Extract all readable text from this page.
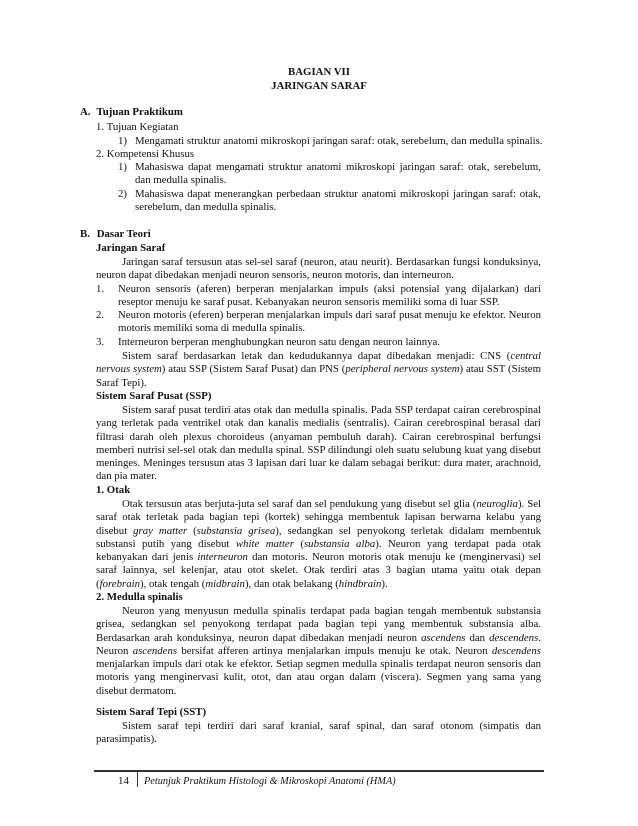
BAGIAN VII
JARINGAN SARAF
A. Tujuan Praktikum
1. Tujuan Kegiatan
1) Mengamati struktur anatomi mikroskopi jaringan saraf: otak, serebelum, dan medulla spinalis.
2. Kompetensi Khusus
1) Mahasiswa dapat mengamati struktur anatomi mikroskopi jaringan saraf: otak, serebelum,
dan medulla spinalis.
2) Mahasiswa dapat menerangkan perbedaan struktur anatomi mikroskopi jaringan saraf: otak,
serebelum, dan medulla spinalis.
B. Dasar Teori
Jaringan Saraf

Jaringan saraf tersusun atas sel-sel saraf (neuron, atau neurit). Berdasarkan fungsi konduksinya, neuron dapat dibedakan menjadi neuron sensoris, neuron motoris, dan interneuron.

1. Neuron sensoris (aferen) berperan menjalarkan impuls (aksi potensial yang dijalarkan) dari reseptor menuju ke saraf pusat. Kebanyakan neuron sensoris memiliki soma di luar SSP.
2. Neuron motoris (eferen) berperan menjalarkan impuls dari saraf pusat menuju ke efektor. Neuron motoris memiliki soma di medulla spinalis.
3. Interneuron berperan menghubungkan neuron satu dengan neuron lainnya.

Sistem saraf berdasarkan letak dan kedudukannya dapat dibedakan menjadi: CNS (central nervous system) atau SSP (Sistem Saraf Pusat) dan PNS (peripheral nervous system) atau SST (Sistem Saraf Tepi).

Sistem Saraf Pusat (SSP)

Sistem saraf pusat terdiri atas otak dan medulla spinalis. Pada SSP terdapat cairan cerebrospinal yang terletak pada ventrikel otak dan kanalis medialis (sentralis). Cairan cerebrospinal berasal dari filtrasi darah oleh plexus choroideus (anyaman pembuluh darah). Cairan cerebrospinal berfungsi memberi nutrisi sel-sel otak dan medulla spinal. SSP dilindungi oleh suatu selubung kuat yang disebut meninges. Meninges tersusun atas 3 lapisan dari luar ke dalam sebagai berikut: dura mater, arachnoid, dan pia mater.

1. Otak

Otak tersusun atas berjuta-juta sel saraf dan sel pendukung yang disebut sel glia (neuroglia). Sel saraf otak terletak pada bagian tepi (kortek) sehingga membentuk lapisan berwarna kelabu yang disebut gray matter (substansia grisea), sedangkan sel penyokong terletak didalam membentuk substansi putih yang disebut white matter (substansia alba). Neuron yang terdapat pada otak kebanyakan dari jenis interneuron dan motoris. Neuron motoris otak menuju ke (menginervasi) sel saraf lainnya, sel kelenjar, atau otot skelet. Otak terdiri atas 3 bagian utama yaitu otak depan (forebrain), otak tengah (midbrain), dan otak belakang (hindbrain).

2. Medulla spinalis

Neuron yang menyusun medulla spinalis terdapat pada bagian tengah membentuk substansia grisea, sedangkan sel penyokong terdapat pada bagian tepi yang membentuk substansia alba. Berdasarkan arah konduksinya, neuron dapat dibedakan menjadi neuron ascendens dan descendens. Neuron ascendens bersifat afferen artinya menjalarkan impuls menuju ke otak. Neuron descendens menjalarkan impuls dari otak ke efektor. Setiap segmen medulla spinalis terdapat neuron sensoris dan motoris yang menginervasi kulit, otot, dan atau organ dalam (viscera). Segmen yang sama yang disebut dermatom.

Sistem Saraf Tepi (SST)

Sistem saraf tepi terdiri dari saraf kranial, saraf spinal, dan saraf otonom (simpatis dan parasimpatis).

14 Petunjuk Praktikum Histologi & Mikroskopi Anatomi (HMA)
